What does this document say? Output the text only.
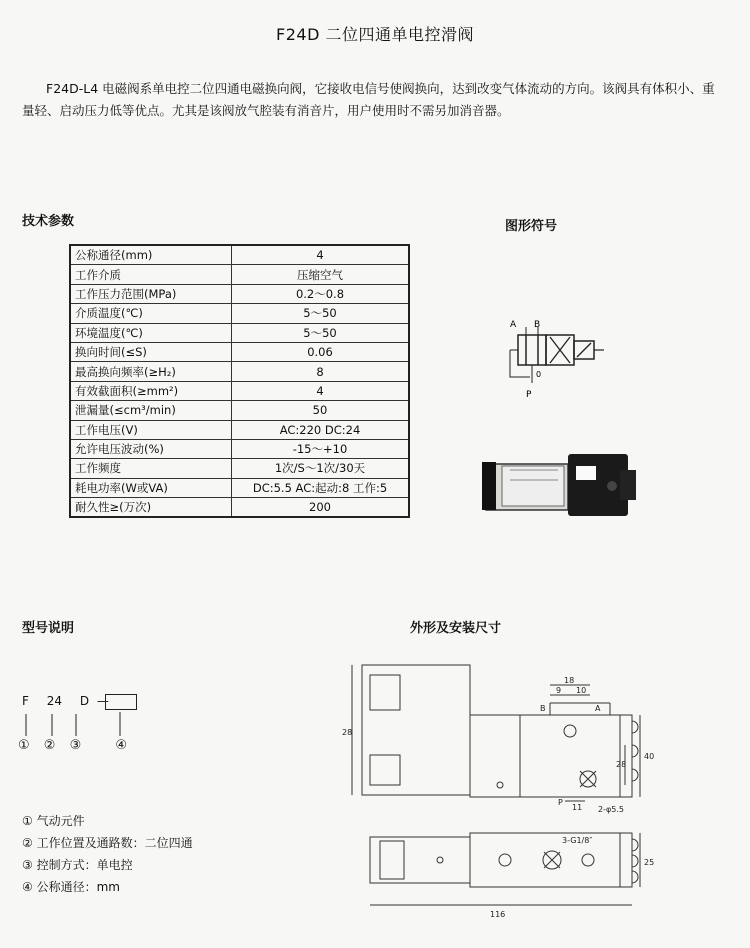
F24D 二位四通单电控滑阀
F24D-L4 电磁阀系单电控二位四通电磁换向阀，它接收电信号使阀换向，达到改变气体流动的方向。该阀具有体积小、重量轻、启动压力低等优点。尤其是该阀放气腔装有消音片，用户使用时不需另加消音器。
技术参数	图形符号
型号说明	外形及安装尺寸
公称通径(mm)	4
工作介质	压缩空气
工作压力范围(MPa)	0.2～0.8
介质温度(℃)	5～50
环境温度(℃)	5～50
换向时间(≤S)	0.06
最高换向频率(≥H₂)	8
有效截面积(≥mm²)	4
泄漏量(≤cm³/min)	50
工作电压(V)	AC:220 DC:24
允许电压波动(%)	-15～+10
工作频度	1次/S～1次/30天
耗电功率(W或VA)	DC:5.5 AC:起动:8 工作:5
耐久性≥(万次)	200
A B
0
P
F 24 D —
① ② ③	④
① 气动元件
② 工作位置及通路数：二位四通
③ 控制方式：单电控
④ 公称通径：mm
28
18
9 10
A
B
28
40
P
11 2-φ5.5
3-G1/8″
25
116
